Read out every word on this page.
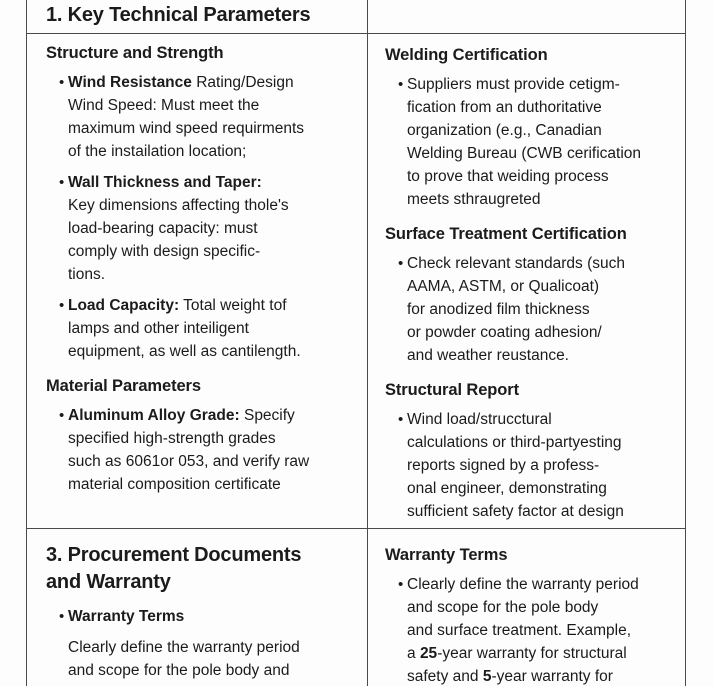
1. Key Technical Parameters

Structure and Strength

• Wind Resistance Rating/Design
Wind Speed: Must meet the
maximum wind speed requirments
of the instailation location;
• Wall Thickness and Taper:
Key dimensions affecting thole's
load-bearing capacity: must
comply with design specific-
tions.
• Load Capacity: Total weight tof
lamps and other inteiligent
equipment, as well as cantilength.

Material Parameters

• Aluminum Alloy Grade: Specify
specified high-strength grades
such as 6061or 053, and verify raw
material composition certificate

Welding Certification

• Suppliers must provide cetigm-
fication from an duthoritative
organization (e.g., Canadian
Welding Bureau (CWB cerification
to prove that weiding process
meets sthraugreted

Surface Treatment Certification

• Check relevant standards (such
AAMA, ASTM, or Qualicoat)
for anodized film thickness
or powder coating adhesion/
and weather reustance.

Structural Report

• Wind load/strucctural
calculations or third-partyesting
reports signed by a profess-
onal engineer, demonstrating
sufficient safety factor at design
3. Procurement Documents
and Warranty
• Warranty Terms
Clearly define the warranty period
and scope for the pole body and

Warranty Terms

• Clearly define the warranty period
and scope for the pole body
and surface treatment. Example,
a 25-year warranty for structural
safety and 5-year warranty for
